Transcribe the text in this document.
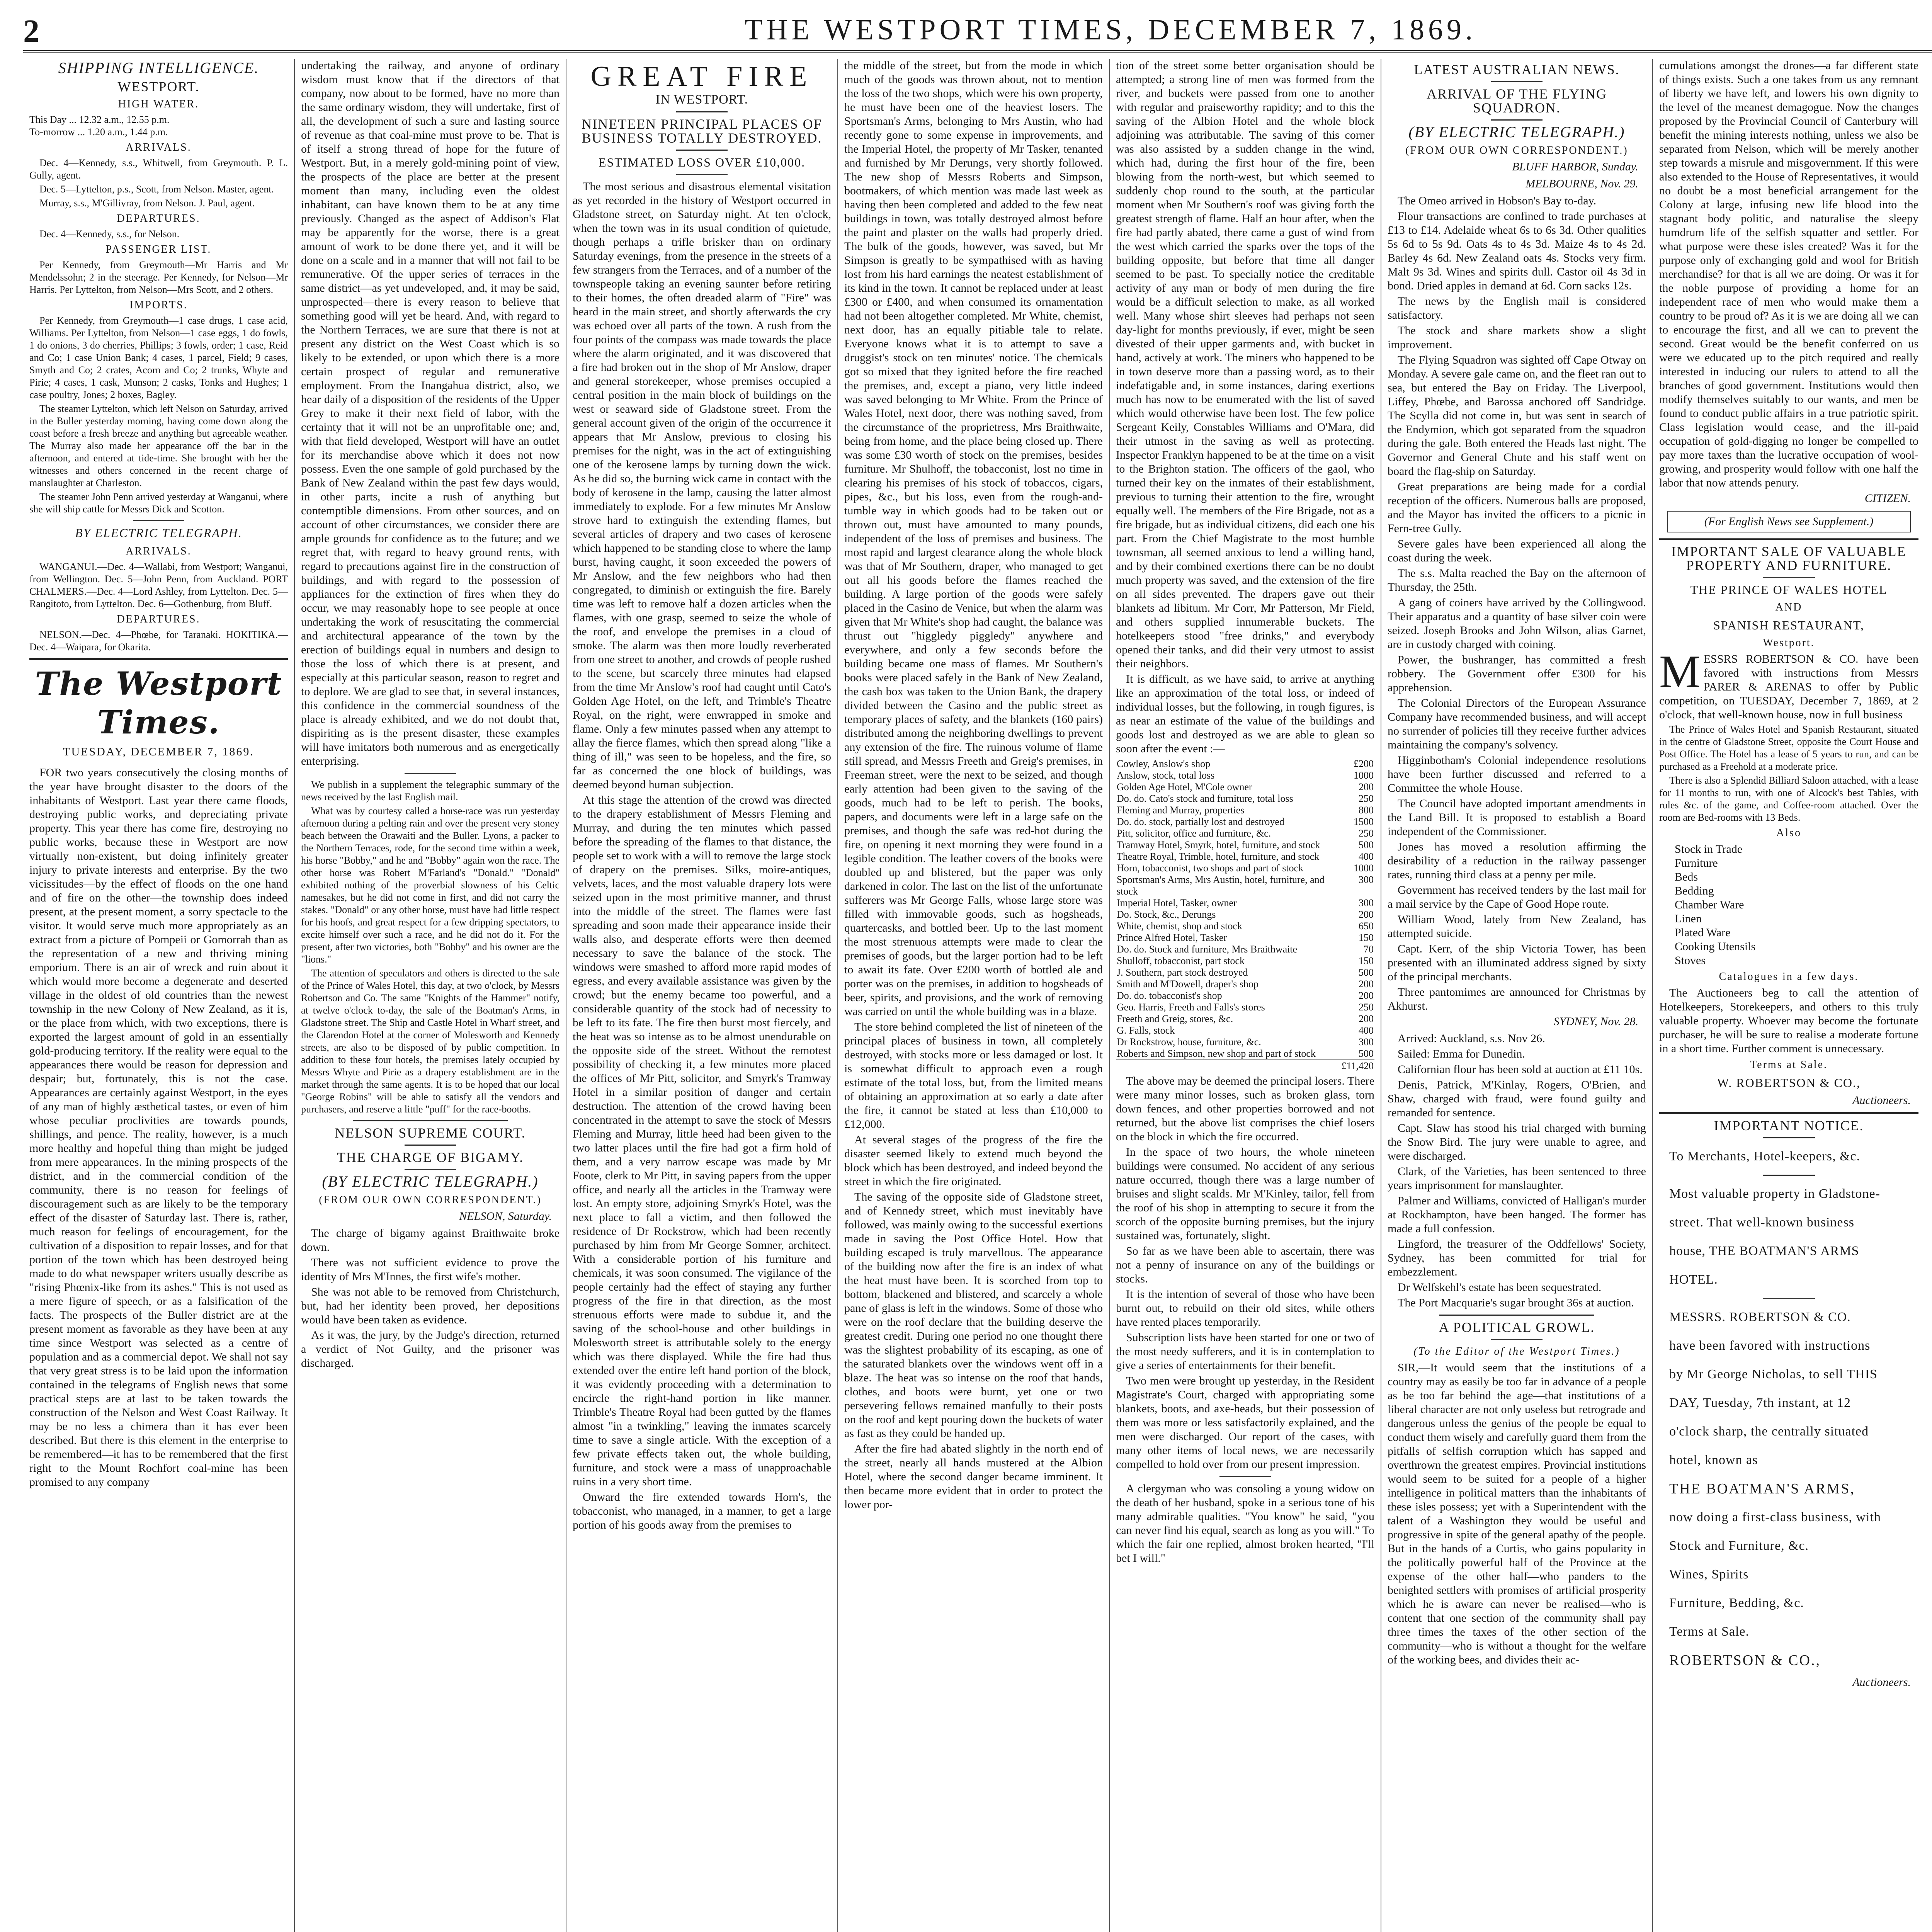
2	THE WESTPORT TIMES, DECEMBER 7, 1869.
SHIPPING INTELLIGENCE.
WESTPORT.
HIGH WATER.

This Day ... 12.32 a.m., 12.55 p.m.
To-morrow ... 1.20 a.m., 1.44 p.m.

ARRIVALS.

Dec. 4—Kennedy, s.s., Whitwell, from Greymouth. P. L. Gully, agent.

Dec. 5—Lyttelton, p.s., Scott, from Nelson. Master, agent.

Murray, s.s., M'Gillivray, from Nelson. J. Paul, agent.

DEPARTURES.

Dec. 4—Kennedy, s.s., for Nelson.

PASSENGER LIST.

Per Kennedy, from Greymouth—Mr Harris and Mr Mendelssohn; 2 in the steerage. Per Kennedy, for Nelson—Mr Harris. Per Lyttelton, from Nelson—Mrs Scott, and 2 others.

IMPORTS.

Per Kennedy, from Greymouth—1 case drugs, 1 case acid, Williams. Per Lyttelton, from Nelson—1 case eggs, 1 do fowls, 1 do onions, 3 do cherries, Phillips; 3 fowls, order; 1 case, Reid and Co; 1 case Union Bank; 4 cases, 1 parcel, Field; 9 cases, Smyth and Co; 2 crates, Acorn and Co; 2 trunks, Whyte and Pirie; 4 cases, 1 cask, Munson; 2 casks, Tonks and Hughes; 1 case poultry, Jones; 2 boxes, Bagley.

The steamer Lyttelton, which left Nelson on Saturday, arrived in the Buller yesterday morning, having come down along the coast before a fresh breeze and anything but agreeable weather. The Murray also made her appearance off the bar in the afternoon, and entered at tide-time. She brought with her the witnesses and others concerned in the recent charge of manslaughter at Charleston.

The steamer John Penn arrived yesterday at Wanganui, where she will ship cattle for Messrs Dick and Scotton.

BY ELECTRIC TELEGRAPH.
ARRIVALS.

WANGANUI.—Dec. 4—Wallabi, from Westport; Wanganui, from Wellington. Dec. 5—John Penn, from Auckland. PORT CHALMERS.—Dec. 4—Lord Ashley, from Lyttelton. Dec. 5—Rangitoto, from Lyttelton. Dec. 6—Gothenburg, from Bluff.

DEPARTURES.

NELSON.—Dec. 4—Phœbe, for Taranaki. HOKITIKA.—Dec. 4—Waipara, for Okarita.

The Westport Times.
TUESDAY, DECEMBER 7, 1869.

FOR two years consecutively the closing months of the year have brought disaster to the doors of the inhabitants of Westport. Last year there came floods, destroying public works, and depreciating private property. This year there has come fire, destroying no public works, because these in Westport are now virtually non-existent, but doing infinitely greater injury to private interests and enterprise. By the two vicissitudes—by the effect of floods on the one hand and of fire on the other—the township does indeed present, at the present moment, a sorry spectacle to the visitor. It would serve much more appropriately as an extract from a picture of Pompeii or Gomorrah than as the representation of a new and thriving mining emporium. There is an air of wreck and ruin about it which would more become a degenerate and deserted village in the oldest of old countries than the newest township in the new Colony of New Zealand, as it is, or the place from which, with two exceptions, there is exported the largest amount of gold in an essentially gold-producing territory. If the reality were equal to the appearances there would be reason for depression and despair; but, fortunately, this is not the case. Appearances are certainly against Westport, in the eyes of any man of highly æsthetical tastes, or even of him whose peculiar proclivities are towards pounds, shillings, and pence. The reality, however, is a much more healthy and hopeful thing than might be judged from mere appearances. In the mining prospects of the district, and in the commercial condition of the community, there is no reason for feelings of discouragement such as are likely to be the temporary effect of the disaster of Saturday last. There is, rather, much reason for feelings of encouragement, for the cultivation of a disposition to repair losses, and for that portion of the town which has been destroyed being made to do what newspaper writers usually describe as "rising Phœnix-like from its ashes." This is not used as a mere figure of speech, or as a falsification of the facts. The prospects of the Buller district are at the present moment as favorable as they have been at any time since Westport was selected as a centre of population and as a commercial depot. We shall not say that very great stress is to be laid upon the information contained in the telegrams of English news that some practical steps are at last to be taken towards the construction of the Nelson and West Coast Railway. It may be no less a chimera than it has ever been described. But there is this element in the enterprise to be remembered—it has to be remembered that the first right to the Mount Rochfort coal-mine has been promised to any company

undertaking the railway, and anyone of ordinary wisdom must know that if the directors of that company, now about to be formed, have no more than the same ordinary wisdom, they will undertake, first of all, the development of such a sure and lasting source of revenue as that coal-mine must prove to be. That is of itself a strong thread of hope for the future of Westport. But, in a merely gold-mining point of view, the prospects of the place are better at the present moment than many, including even the oldest inhabitant, can have known them to be at any time previously. Changed as the aspect of Addison's Flat may be apparently for the worse, there is a great amount of work to be done there yet, and it will be done on a scale and in a manner that will not fail to be remunerative. Of the upper series of terraces in the same district—as yet undeveloped, and, it may be said, unprospected—there is every reason to believe that something good will yet be heard. And, with regard to the Northern Terraces, we are sure that there is not at present any district on the West Coast which is so likely to be extended, or upon which there is a more certain prospect of regular and remunerative employment. From the Inangahua district, also, we hear daily of a disposition of the residents of the Upper Grey to make it their next field of labor, with the certainty that it will not be an unprofitable one; and, with that field developed, Westport will have an outlet for its merchandise above which it does not now possess. Even the one sample of gold purchased by the Bank of New Zealand within the past few days would, in other parts, incite a rush of anything but contemptible dimensions. From other sources, and on account of other circumstances, we consider there are ample grounds for confidence as to the future; and we regret that, with regard to heavy ground rents, with regard to precautions against fire in the construction of buildings, and with regard to the possession of appliances for the extinction of fires when they do occur, we may reasonably hope to see people at once undertaking the work of resuscitating the commercial and architectural appearance of the town by the erection of buildings equal in numbers and design to those the loss of which there is at present, and especially at this particular season, reason to regret and to deplore. We are glad to see that, in several instances, this confidence in the commercial soundness of the place is already exhibited, and we do not doubt that, dispiriting as is the present disaster, these examples will have imitators both numerous and as energetically enterprising.

We publish in a supplement the telegraphic summary of the news received by the last English mail.

What was by courtesy called a horse-race was run yesterday afternoon during a pelting rain and over the present very stoney beach between the Orawaiti and the Buller. Lyons, a packer to the Northern Terraces, rode, for the second time within a week, his horse "Bobby," and he and "Bobby" again won the race. The other horse was Robert M'Farland's "Donald." "Donald" exhibited nothing of the proverbial slowness of his Celtic namesakes, but he did not come in first, and did not carry the stakes. "Donald" or any other horse, must have had little respect for his hoofs, and great respect for a few dripping spectators, to excite himself over such a race, and he did not do it. For the present, after two victories, both "Bobby" and his owner are the "lions."

The attention of speculators and others is directed to the sale of the Prince of Wales Hotel, this day, at two o'clock, by Messrs Robertson and Co. The same "Knights of the Hammer" notify, at twelve o'clock to-day, the sale of the Boatman's Arms, in Gladstone street. The Ship and Castle Hotel in Wharf street, and the Clarendon Hotel at the corner of Molesworth and Kennedy streets, are also to be disposed of by public competition. In addition to these four hotels, the premises lately occupied by Messrs Whyte and Pirie as a drapery establishment are in the market through the same agents. It is to be hoped that our local "George Robins" will be able to satisfy all the vendors and purchasers, and reserve a little "puff" for the race-booths.

NELSON SUPREME COURT.
THE CHARGE OF BIGAMY.
(BY ELECTRIC TELEGRAPH.)
(FROM OUR OWN CORRESPONDENT.)
NELSON, Saturday.

The charge of bigamy against Braithwaite broke down.

There was not sufficient evidence to prove the identity of Mrs M'Innes, the first wife's mother.

She was not able to be removed from Christchurch, but, had her identity been proved, her depositions would have been taken as evidence.

As it was, the jury, by the Judge's direction, returned a verdict of Not Guilty, and the prisoner was discharged.

GREAT FIRE
IN WESTPORT.
NINETEEN PRINCIPAL PLACES OF BUSINESS TOTALLY DESTROYED.
ESTIMATED LOSS OVER £10,000.

The most serious and disastrous elemental visitation as yet recorded in the history of Westport occurred in Gladstone street, on Saturday night. At ten o'clock, when the town was in its usual condition of quietude, though perhaps a trifle brisker than on ordinary Saturday evenings, from the presence in the streets of a few strangers from the Terraces, and of a number of the townspeople taking an evening saunter before retiring to their homes, the often dreaded alarm of "Fire" was heard in the main street, and shortly afterwards the cry was echoed over all parts of the town. A rush from the four points of the compass was made towards the place where the alarm originated, and it was discovered that a fire had broken out in the shop of Mr Anslow, draper and general storekeeper, whose premises occupied a central position in the main block of buildings on the west or seaward side of Gladstone street. From the general account given of the origin of the occurrence it appears that Mr Anslow, previous to closing his premises for the night, was in the act of extinguishing one of the kerosene lamps by turning down the wick. As he did so, the burning wick came in contact with the body of kerosene in the lamp, causing the latter almost immediately to explode. For a few minutes Mr Anslow strove hard to extinguish the extending flames, but several articles of drapery and two cases of kerosene which happened to be standing close to where the lamp burst, having caught, it soon exceeded the powers of Mr Anslow, and the few neighbors who had then congregated, to diminish or extinguish the fire. Barely time was left to remove half a dozen articles when the flames, with one grasp, seemed to seize the whole of the roof, and envelope the premises in a cloud of smoke. The alarm was then more loudly reverberated from one street to another, and crowds of people rushed to the scene, but scarcely three minutes had elapsed from the time Mr Anslow's roof had caught until Cato's Golden Age Hotel, on the left, and Trimble's Theatre Royal, on the right, were enwrapped in smoke and flame. Only a few minutes passed when any attempt to allay the fierce flames, which then spread along "like a thing of ill," was seen to be hopeless, and the fire, so far as concerned the one block of buildings, was deemed beyond human subjection.

At this stage the attention of the crowd was directed to the drapery establishment of Messrs Fleming and Murray, and during the ten minutes which passed before the spreading of the flames to that distance, the people set to work with a will to remove the large stock of drapery on the premises. Silks, moire-antiques, velvets, laces, and the most valuable drapery lots were seized upon in the most primitive manner, and thrust into the middle of the street. The flames were fast spreading and soon made their appearance inside their walls also, and desperate efforts were then deemed necessary to save the balance of the stock. The windows were smashed to afford more rapid modes of egress, and every available assistance was given by the crowd; but the enemy became too powerful, and a considerable quantity of the stock had of necessity to be left to its fate. The fire then burst most fiercely, and the heat was so intense as to be almost unendurable on the opposite side of the street. Without the remotest possibility of checking it, a few minutes more placed the offices of Mr Pitt, solicitor, and Smyrk's Tramway Hotel in a similar position of danger and certain destruction. The attention of the crowd having been concentrated in the attempt to save the stock of Messrs Fleming and Murray, little heed had been given to the two latter places until the fire had got a firm hold of them, and a very narrow escape was made by Mr Foote, clerk to Mr Pitt, in saving papers from the upper office, and nearly all the articles in the Tramway were lost. An empty store, adjoining Smyrk's Hotel, was the next place to fall a victim, and then followed the residence of Dr Rockstrow, which had been recently purchased by him from Mr George Somner, architect. With a considerable portion of his furniture and chemicals, it was soon consumed. The vigilance of the people certainly had the effect of staying any further progress of the fire in that direction, as the most strenuous efforts were made to subdue it, and the saving of the school-house and other buildings in Molesworth street is attributable solely to the energy which was there displayed. While the fire had thus extended over the entire left hand portion of the block, it was evidently proceeding with a determination to encircle the right-hand portion in like manner. Trimble's Theatre Royal had been gutted by the flames almost "in a twinkling," leaving the inmates scarcely time to save a single article. With the exception of a few private effects taken out, the whole building, furniture, and stock were a mass of unapproachable ruins in a very short time.

Onward the fire extended towards Horn's, the tobacconist, who managed, in a manner, to get a large portion of his goods away from the premises to

the middle of the street, but from the mode in which much of the goods was thrown about, not to mention the loss of the two shops, which were his own property, he must have been one of the heaviest losers. The Sportsman's Arms, belonging to Mrs Austin, who had recently gone to some expense in improvements, and the Imperial Hotel, the property of Mr Tasker, tenanted and furnished by Mr Derungs, very shortly followed. The new shop of Messrs Roberts and Simpson, bootmakers, of which mention was made last week as having then been completed and added to the few neat buildings in town, was totally destroyed almost before the paint and plaster on the walls had properly dried. The bulk of the goods, however, was saved, but Mr Simpson is greatly to be sympathised with as having lost from his hard earnings the neatest establishment of its kind in the town. It cannot be replaced under at least £300 or £400, and when consumed its ornamentation had not been altogether completed. Mr White, chemist, next door, has an equally pitiable tale to relate. Everyone knows what it is to attempt to save a druggist's stock on ten minutes' notice. The chemicals got so mixed that they ignited before the fire reached the premises, and, except a piano, very little indeed was saved belonging to Mr White. From the Prince of Wales Hotel, next door, there was nothing saved, from the circumstance of the proprietress, Mrs Braithwaite, being from home, and the place being closed up. There was some £30 worth of stock on the premises, besides furniture. Mr Shulhoff, the tobacconist, lost no time in clearing his premises of his stock of tobaccos, cigars, pipes, &c., but his loss, even from the rough-and-tumble way in which goods had to be taken out or thrown out, must have amounted to many pounds, independent of the loss of premises and business. The most rapid and largest clearance along the whole block was that of Mr Southern, draper, who managed to get out all his goods before the flames reached the building. A large portion of the goods were safely placed in the Casino de Venice, but when the alarm was given that Mr White's shop had caught, the balance was thrust out "higgledy piggledy" anywhere and everywhere, and only a few seconds before the building became one mass of flames. Mr Southern's books were placed safely in the Bank of New Zealand, the cash box was taken to the Union Bank, the drapery divided between the Casino and the public street as temporary places of safety, and the blankets (160 pairs) distributed among the neighboring dwellings to prevent any extension of the fire. The ruinous volume of flame still spread, and Messrs Freeth and Greig's premises, in Freeman street, were the next to be seized, and though early attention had been given to the saving of the goods, much had to be left to perish. The books, papers, and documents were left in a large safe on the premises, and though the safe was red-hot during the fire, on opening it next morning they were found in a legible condition. The leather covers of the books were doubled up and blistered, but the paper was only darkened in color. The last on the list of the unfortunate sufferers was Mr George Falls, whose large store was filled with immovable goods, such as hogsheads, quartercasks, and bottled beer. Up to the last moment the most strenuous attempts were made to clear the premises of goods, but the larger portion had to be left to await its fate. Over £200 worth of bottled ale and porter was on the premises, in addition to hogsheads of beer, spirits, and provisions, and the work of removing was carried on until the whole building was in a blaze.

The store behind completed the list of nineteen of the principal places of business in town, all completely destroyed, with stocks more or less damaged or lost. It is somewhat difficult to approach even a rough estimate of the total loss, but, from the limited means of obtaining an approximation at so early a date after the fire, it cannot be stated at less than £10,000 to £12,000.

At several stages of the progress of the fire the disaster seemed likely to extend much beyond the block which has been destroyed, and indeed beyond the street in which the fire originated.

The saving of the opposite side of Gladstone street, and of Kennedy street, which must inevitably have followed, was mainly owing to the successful exertions made in saving the Post Office Hotel. How that building escaped is truly marvellous. The appearance of the building now after the fire is an index of what the heat must have been. It is scorched from top to bottom, blackened and blistered, and scarcely a whole pane of glass is left in the windows. Some of those who were on the roof declare that the building deserve the greatest credit. During one period no one thought there was the slightest probability of its escaping, as one of the saturated blankets over the windows went off in a blaze. The heat was so intense on the roof that hands, clothes, and boots were burnt, yet one or two persevering fellows remained manfully to their posts on the roof and kept pouring down the buckets of water as fast as they could be handed up.

After the fire had abated slightly in the north end of the street, nearly all hands mustered at the Albion Hotel, where the second danger became imminent. It then became more evident that in order to protect the lower por-

tion of the street some better organisation should be attempted; a strong line of men was formed from the river, and buckets were passed from one to another with regular and praiseworthy rapidity; and to this the saving of the Albion Hotel and the whole block adjoining was attributable. The saving of this corner was also assisted by a sudden change in the wind, which had, during the first hour of the fire, been blowing from the north-west, but which seemed to suddenly chop round to the south, at the particular moment when Mr Southern's roof was giving forth the greatest strength of flame. Half an hour after, when the fire had partly abated, there came a gust of wind from the west which carried the sparks over the tops of the building opposite, but before that time all danger seemed to be past. To specially notice the creditable activity of any man or body of men during the fire would be a difficult selection to make, as all worked well. Many whose shirt sleeves had perhaps not seen day-light for months previously, if ever, might be seen divested of their upper garments and, with bucket in hand, actively at work. The miners who happened to be in town deserve more than a passing word, as to their indefatigable and, in some instances, daring exertions much has now to be enumerated with the list of saved which would otherwise have been lost. The few police Sergeant Keily, Constables Williams and O'Mara, did their utmost in the saving as well as protecting. Inspector Franklyn happened to be at the time on a visit to the Brighton station. The officers of the gaol, who turned their key on the inmates of their establishment, previous to turning their attention to the fire, wrought equally well. The members of the Fire Brigade, not as a fire brigade, but as individual citizens, did each one his part. From the Chief Magistrate to the most humble townsman, all seemed anxious to lend a willing hand, and by their combined exertions there can be no doubt much property was saved, and the extension of the fire on all sides prevented. The drapers gave out their blankets ad libitum. Mr Corr, Mr Patterson, Mr Field, and others supplied innumerable buckets. The hotelkeepers stood "free drinks," and everybody opened their tanks, and did their very utmost to assist their neighbors.

It is difficult, as we have said, to arrive at anything like an approximation of the total loss, or indeed of individual losses, but the following, in rough figures, is as near an estimate of the value of the buildings and goods lost and destroyed as we are able to glean so soon after the event :—

Cowley, Anslow's shop	£200
Anslow, stock, total loss	1000
Golden Age Hotel, M'Cole owner	200
Do. do. Cato's stock and furniture, total loss	250
Fleming and Murray, properties	800
Do. do. stock, partially lost and destroyed	1500
Pitt, solicitor, office and furniture, &c.	250
Tramway Hotel, Smyrk, hotel, furniture, and stock	500
Theatre Royal, Trimble, hotel, furniture, and stock	400
Horn, tobacconist, two shops and part of stock	1000
Sportsman's Arms, Mrs Austin, hotel, furniture, and stock	300
Imperial Hotel, Tasker, owner	300
Do. Stock, &c., Derungs	200
White, chemist, shop and stock	650
Prince Alfred Hotel, Tasker	150
Do. do. Stock and furniture, Mrs Braithwaite	70
Shulloff, tobacconist, part stock	150
J. Southern, part stock destroyed	500
Smith and M'Dowell, draper's shop	200
Do. do. tobacconist's shop	200
Geo. Harris, Freeth and Falls's stores	250
Freeth and Greig, stores, &c.	200
G. Falls, stock	400
Dr Rockstrow, house, furniture, &c.	300
Roberts and Simpson, new shop and part of stock	500
	£11,420

The above may be deemed the principal losers. There were many minor losses, such as broken glass, torn down fences, and other properties borrowed and not returned, but the above list comprises the chief losers on the block in which the fire occurred.

In the space of two hours, the whole nineteen buildings were consumed. No accident of any serious nature occurred, though there was a large number of bruises and slight scalds. Mr M'Kinley, tailor, fell from the roof of his shop in attempting to secure it from the scorch of the opposite burning premises, but the injury sustained was, fortunately, slight.

So far as we have been able to ascertain, there was not a penny of insurance on any of the buildings or stocks.

It is the intention of several of those who have been burnt out, to rebuild on their old sites, while others have rented places temporarily.

Subscription lists have been started for one or two of the most needy sufferers, and it is in contemplation to give a series of entertainments for their benefit.

Two men were brought up yesterday, in the Resident Magistrate's Court, charged with appropriating some blankets, boots, and axe-heads, but their possession of them was more or less satisfactorily explained, and the men were discharged. Our report of the cases, with many other items of local news, we are necessarily compelled to hold over from our present impression.

A clergyman who was consoling a young widow on the death of her husband, spoke in a serious tone of his many admirable qualities. "You know" he said, "you can never find his equal, search as long as you will." To which the fair one replied, almost broken hearted, "I'll bet I will."

LATEST AUSTRALIAN NEWS.
ARRIVAL OF THE FLYING SQUADRON.
(BY ELECTRIC TELEGRAPH.)
(FROM OUR OWN CORRESPONDENT.)
BLUFF HARBOR, Sunday.
MELBOURNE, Nov. 29.

The Omeo arrived in Hobson's Bay to-day.

Flour transactions are confined to trade purchases at £13 to £14. Adelaide wheat 6s to 6s 3d. Other qualities 5s 6d to 5s 9d. Oats 4s to 4s 3d. Maize 4s to 4s 2d. Barley 4s 6d. New Zealand oats 4s. Stocks very firm. Malt 9s 3d. Wines and spirits dull. Castor oil 4s 3d in bond. Dried apples in demand at 6d. Corn sacks 12s.

The news by the English mail is considered satisfactory.

The stock and share markets show a slight improvement.

The Flying Squadron was sighted off Cape Otway on Monday. A severe gale came on, and the fleet ran out to sea, but entered the Bay on Friday. The Liverpool, Liffey, Phœbe, and Barossa anchored off Sandridge. The Scylla did not come in, but was sent in search of the Endymion, which got separated from the squadron during the gale. Both entered the Heads last night. The Governor and General Chute and his staff went on board the flag-ship on Saturday.

Great preparations are being made for a cordial reception of the officers. Numerous balls are proposed, and the Mayor has invited the officers to a picnic in Fern-tree Gully.

Severe gales have been experienced all along the coast during the week.

The s.s. Malta reached the Bay on the afternoon of Thursday, the 25th.

A gang of coiners have arrived by the Collingwood. Their apparatus and a quantity of base silver coin were seized. Joseph Brooks and John Wilson, alias Garnet, are in custody charged with coining.

Power, the bushranger, has committed a fresh robbery. The Government offer £300 for his apprehension.

The Colonial Directors of the European Assurance Company have recommended business, and will accept no surrender of policies till they receive further advices maintaining the company's solvency.

Higginbotham's Colonial independence resolutions have been further discussed and referred to a Committee the whole House.

The Council have adopted important amendments in the Land Bill. It is proposed to establish a Board independent of the Commissioner.

Jones has moved a resolution affirming the desirability of a reduction in the railway passenger rates, running third class at a penny per mile.

Government has received tenders by the last mail for a mail service by the Cape of Good Hope route.

William Wood, lately from New Zealand, has attempted suicide.

Capt. Kerr, of the ship Victoria Tower, has been presented with an illuminated address signed by sixty of the principal merchants.

Three pantomimes are announced for Christmas by Akhurst.

SYDNEY, Nov. 28.

Arrived: Auckland, s.s. Nov 26.

Sailed: Emma for Dunedin.

Californian flour has been sold at auction at £11 10s.

Denis, Patrick, M'Kinlay, Rogers, O'Brien, and Shaw, charged with fraud, were found guilty and remanded for sentence.

Capt. Slaw has stood his trial charged with burning the Snow Bird. The jury were unable to agree, and were discharged.

Clark, of the Varieties, has been sentenced to three years imprisonment for manslaughter.

Palmer and Williams, convicted of Halligan's murder at Rockhampton, have been hanged. The former has made a full confession.

Lingford, the treasurer of the Oddfellows' Society, Sydney, has been committed for trial for embezzlement.

Dr Welfskehl's estate has been sequestrated.

The Port Macquarie's sugar brought 36s at auction.

A POLITICAL GROWL.
(To the Editor of the Westport Times.)

SIR,—It would seem that the institutions of a country may as easily be too far in advance of a people as be too far behind the age—that institutions of a liberal character are not only useless but retrograde and dangerous unless the genius of the people be equal to conduct them wisely and carefully guard them from the pitfalls of selfish corruption which has sapped and overthrown the greatest empires. Provincial institutions would seem to be suited for a people of a higher intelligence in political matters than the inhabitants of these isles possess; yet with a Superintendent with the talent of a Washington they would be useful and progressive in spite of the general apathy of the people. But in the hands of a Curtis, who gains popularity in the politically powerful half of the Province at the expense of the other half—who panders to the benighted settlers with promises of artificial prosperity which he is aware can never be realised—who is content that one section of the community shall pay three times the taxes of the other section of the community—who is without a thought for the welfare of the working bees, and divides their ac-

cumulations amongst the drones—a far different state of things exists. Such a one takes from us any remnant of liberty we have left, and lowers his own dignity to the level of the meanest demagogue. Now the changes proposed by the Provincial Council of Canterbury will benefit the mining interests nothing, unless we also be separated from Nelson, which will be merely another step towards a misrule and misgovernment. If this were also extended to the House of Representatives, it would no doubt be a most beneficial arrangement for the Colony at large, infusing new life blood into the stagnant body politic, and naturalise the sleepy humdrum life of the selfish squatter and settler. For what purpose were these isles created? Was it for the purpose only of exchanging gold and wool for British merchandise? for that is all we are doing. Or was it for the noble purpose of providing a home for an independent race of men who would make them a country to be proud of? As it is we are doing all we can to encourage the first, and all we can to prevent the second. Great would be the benefit conferred on us were we educated up to the pitch required and really interested in inducing our rulers to attend to all the branches of good government. Institutions would then modify themselves suitably to our wants, and men be found to conduct public affairs in a true patriotic spirit. Class legislation would cease, and the ill-paid occupation of gold-digging no longer be compelled to pay more taxes than the lucrative occupation of wool-growing, and prosperity would follow with one half the labor that now attends penury.

CITIZEN.
(For English News see Supplement.)
IMPORTANT SALE OF VALUABLE PROPERTY AND FURNITURE.
THE PRINCE OF WALES HOTEL
AND
SPANISH RESTAURANT,
Westport.

MESSRS ROBERTSON & CO. have been favored with instructions from Messrs PARER & ARENAS to offer by Public competition, on TUESDAY, December 7, 1869, at 2 o'clock, that well-known house, now in full business

The Prince of Wales Hotel and Spanish Restaurant, situated in the centre of Gladstone Street, opposite the Court House and Post Office. The Hotel has a lease of 5 years to run, and can be purchased as a Freehold at a moderate price.

There is also a Splendid Billiard Saloon attached, with a lease for 11 months to run, with one of Alcock's best Tables, with rules &c. of the game, and Coffee-room attached. Over the room are Bed-rooms with 13 Beds.

Also
Stock in Trade
Furniture
Beds
Bedding
Chamber Ware
Linen
Plated Ware
Cooking Utensils
Stoves
Catalogues in a few days.

The Auctioneers beg to call the attention of Hotelkeepers, Storekeepers, and others to this truly valuable property. Whoever may become the fortunate purchaser, he will be sure to realise a moderate fortune in a short time. Further comment is unnecessary.

Terms at Sale.
W. ROBERTSON & CO.,
Auctioneers.
IMPORTANT NOTICE.

To Merchants, Hotel-keepers, &c.

Most valuable property in Gladstone-

street. That well-known business

house, THE BOATMAN'S ARMS

HOTEL.

MESSRS. ROBERTSON & CO.

have been favored with instructions

by Mr George Nicholas, to sell THIS

DAY, Tuesday, 7th instant, at 12

o'clock sharp, the centrally situated

hotel, known as

THE BOATMAN'S ARMS,

now doing a first-class business, with

Stock and Furniture, &c.

Wines, Spirits

Furniture, Bedding, &c.

Terms at Sale.

ROBERTSON & CO.,

Auctioneers.
